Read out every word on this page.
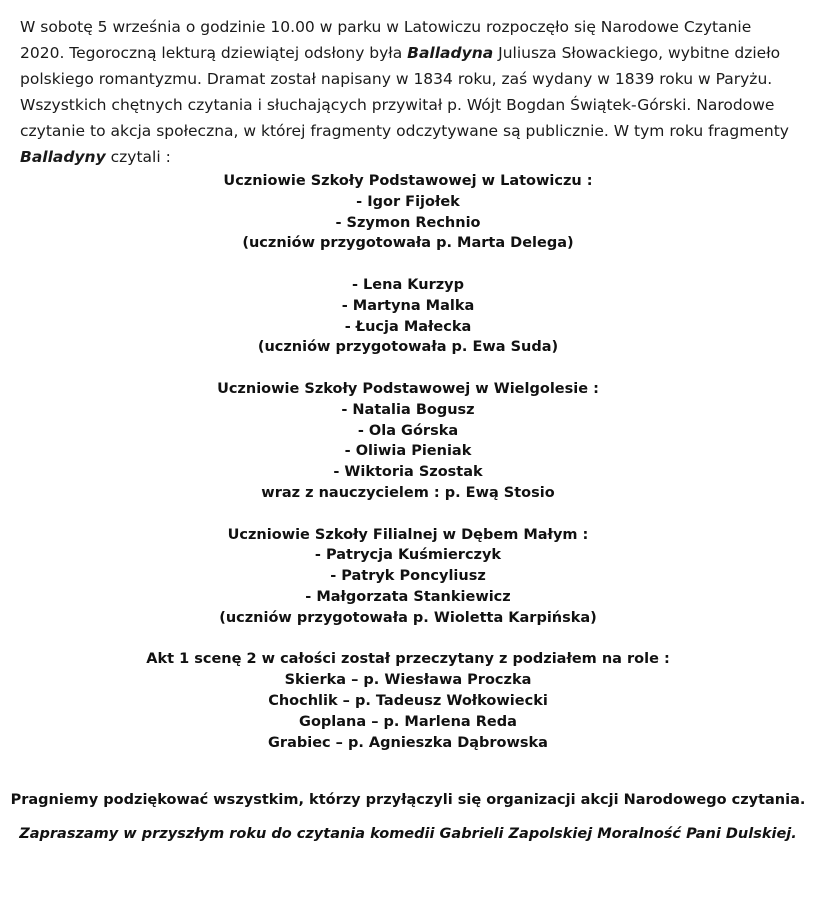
W sobotę 5 września o godzinie 10.00 w parku w Latowiczu rozpoczęło się Narodowe Czytanie 2020. Tegoroczną lekturą dziewiątej odsłony była Balladyna Juliusza Słowackiego, wybitne dzieło polskiego romantyzmu. Dramat został napisany w 1834 roku, zaś wydany w 1839 roku w Paryżu. Wszystkich chętnych czytania i słuchających przywitał p. Wójt Bogdan Świątek-Górski. Narodowe czytanie to akcja społeczna, w której fragmenty odczytywane są publicznie. W tym roku fragmenty Balladyny czytali :

Uczniowie Szkoły Podstawowej w Latowiczu :
- Igor Fijołek
- Szymon Rechnio
(uczniów przygotowała p. Marta Delega)
- Lena Kurzyp
- Martyna Malka
- Łucja Małecka
(uczniów przygotowała p. Ewa Suda)
Uczniowie Szkoły Podstawowej w Wielgolesie :
- Natalia Bogusz
- Ola Górska
- Oliwia Pieniak
- Wiktoria Szostak
wraz z nauczycielem : p. Ewą Stosio
Uczniowie Szkoły Filialnej w Dębem Małym :
- Patrycja Kuśmierczyk
- Patryk Poncyliusz
- Małgorzata Stankiewicz
(uczniów przygotowała p. Wioletta Karpińska)
Akt 1 scenę 2 w całości został przeczytany z podziałem na role :
Skierka – p. Wiesława Proczka
Chochlik – p. Tadeusz Wołkowiecki
Goplana – p. Marlena Reda
Grabiec – p. Agnieszka Dąbrowska
Pragniemy podziękować wszystkim, którzy przyłączyli się organizacji akcji Narodowego czytania.
Zapraszamy w przyszłym roku do czytania komedii Gabrieli Zapolskiej Moralność Pani Dulskiej.
